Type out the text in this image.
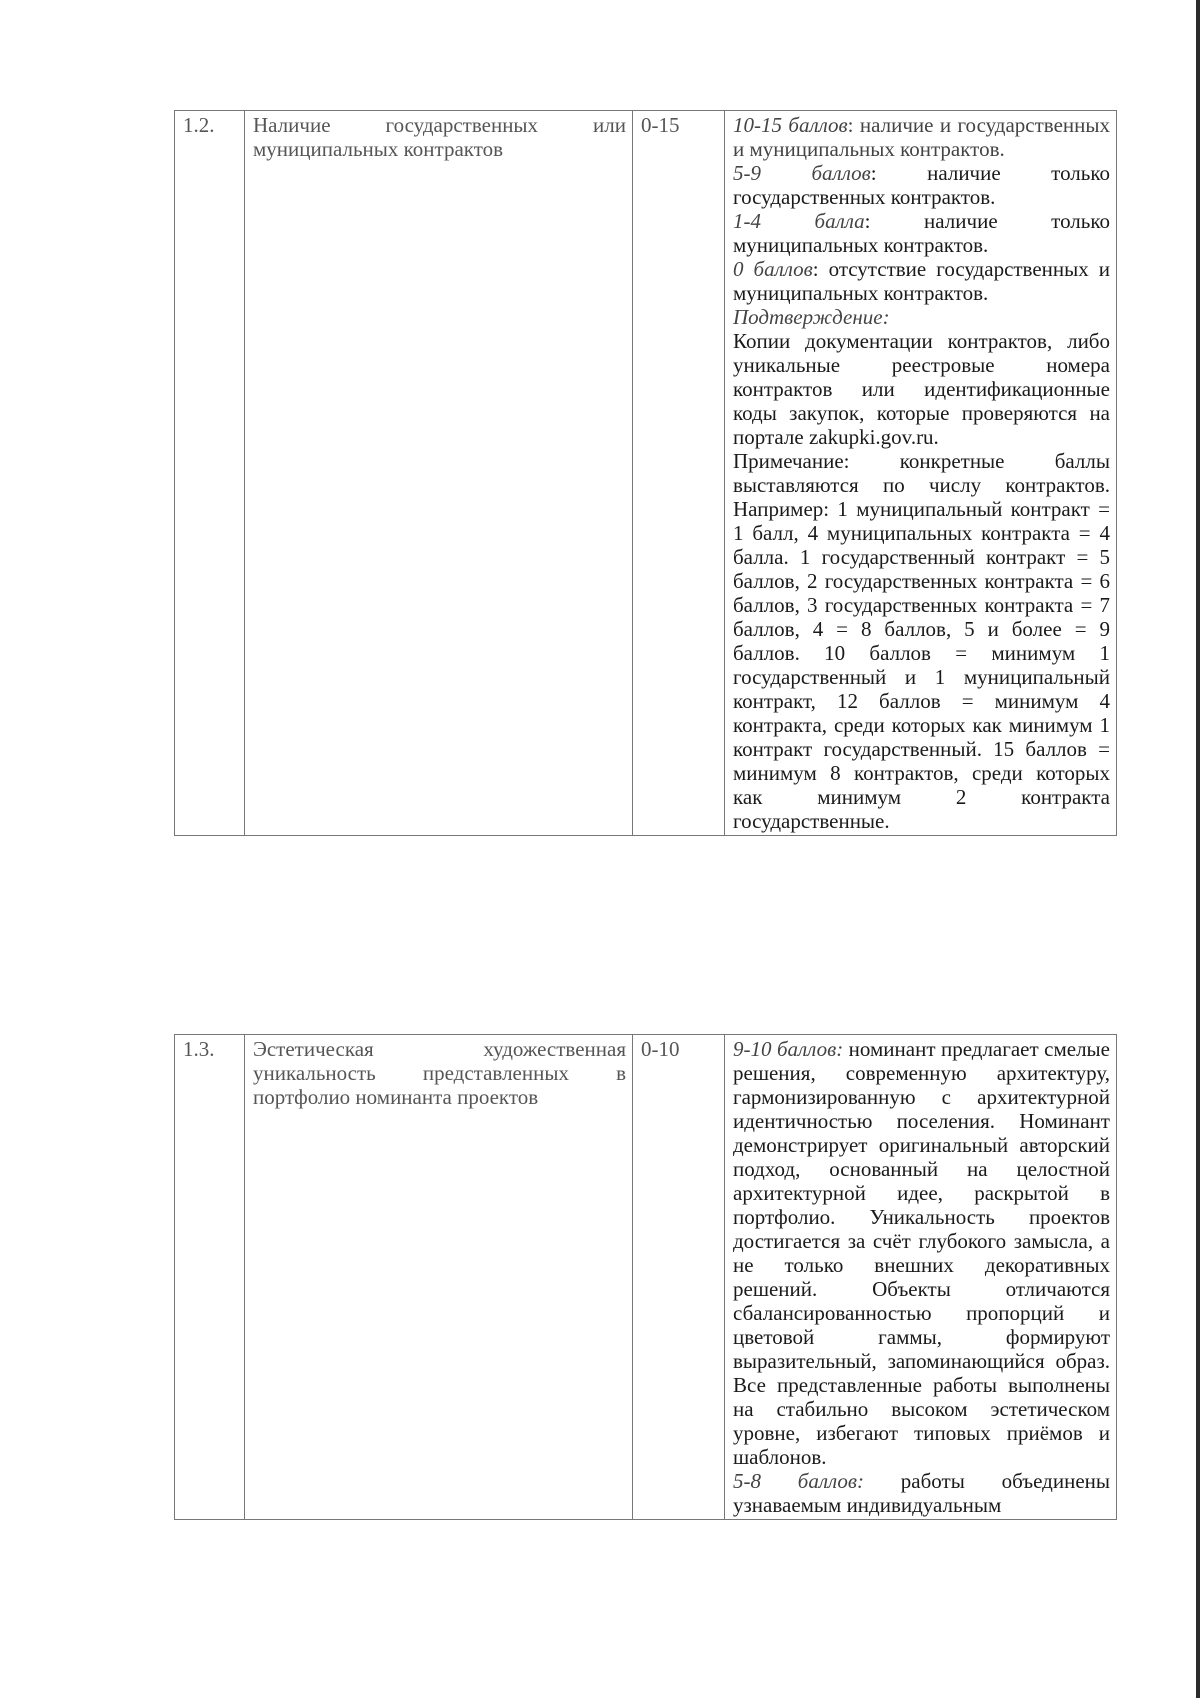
1.2.	Наличие государственных или муниципальных контрактов	0-15	10-15 баллов: наличие и государственных и муниципальных контрактов.

5-9 баллов: наличие только государственных контрактов.

1-4 балла: наличие только муниципальных контрактов.

0 баллов: отсутствие государственных и муниципальных контрактов.

Подтверждение:

Копии документации контрактов, либо уникальные реестровые номера контрактов или идентификационные коды закупок, которые проверяются на портале zakupki.gov.ru.

Примечание: конкретные баллы выставляются по числу контрактов. Например: 1 муниципальный контракт = 1 балл, 4 муниципальных контракта = 4 балла. 1 государственный контракт = 5 баллов, 2 государственных контракта = 6 баллов, 3 государственных контракта = 7 баллов, 4 = 8 баллов, 5 и более = 9 баллов. 10 баллов = минимум 1 государственный и 1 муниципальный контракт, 12 баллов = минимум 4 контракта, среди которых как минимум 1 контракт государственный. 15 баллов = минимум 8 контрактов, среди которых как минимум 2 контракта государственные.

1.3.	Эстетическая художественная уникальность представленных в портфолио номинанта проектов	0-10	9-10 баллов: номинант предлагает смелые решения, современную архитектуру, гармонизированную с архитектурной идентичностью поселения. Номинант демонстрирует оригинальный авторский подход, основанный на целостной архитектурной идее, раскрытой в портфолио. Уникальность проектов достигается за счёт глубокого замысла, а не только внешних декоративных решений. Объекты отличаются сбалансированностью пропорций и цветовой гаммы, формируют выразительный, запоминающийся образ. Все представленные работы выполнены на стабильно высоком эстетическом уровне, избегают типовых приёмов и шаблонов.

5-8 баллов: работы объединены узнаваемым индивидуальным
